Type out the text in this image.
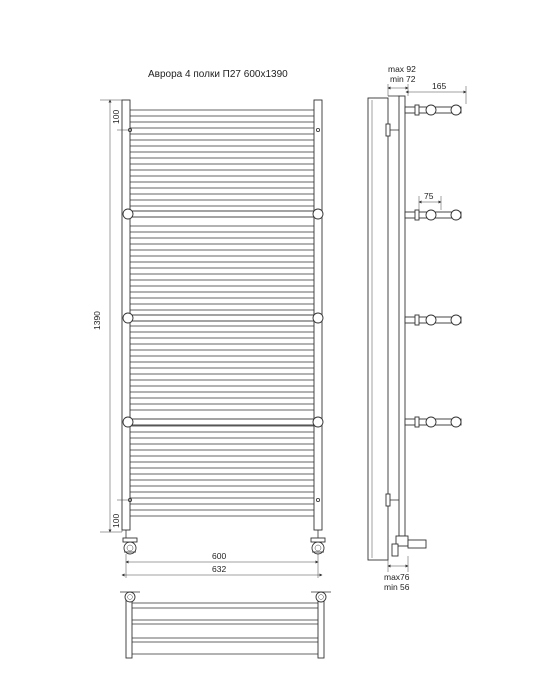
Аврора 4 полки П27 600х1390
1390
100
100
600
632
max 92
min 72
165
75
max76
min 56
